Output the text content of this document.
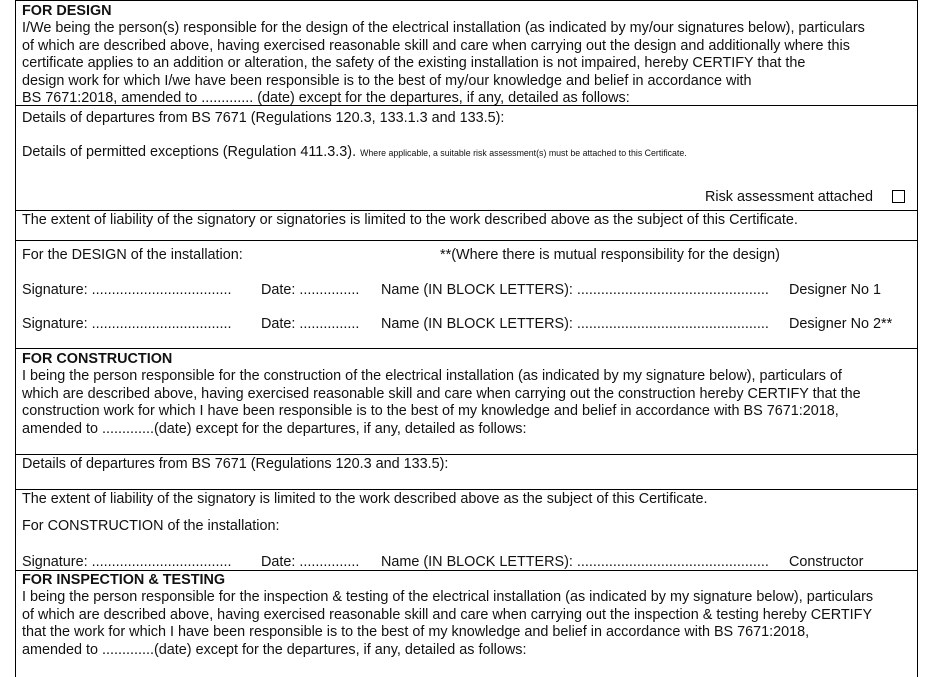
FOR DESIGN
I/We being the person(s) responsible for the design of the electrical installation (as indicated by my/our signatures below), particulars
of which are described above, having exercised reasonable skill and care when carrying out the design and additionally where this
certificate applies to an addition or alteration, the safety of the existing installation is not impaired, hereby CERTIFY that the
design work for which I/we have been responsible is to the best of my/our knowledge and belief in accordance with
BS 7671:2018, amended to ............. (date) except for the departures, if any, detailed as follows:
Details of departures from BS 7671 (Regulations 120.3, 133.1.3 and 133.5):
Details of permitted exceptions (Regulation 411.3.3). Where applicable, a suitable risk assessment(s) must be attached to this Certificate.
Risk assessment attached
The extent of liability of the signatory or signatories is limited to the work described above as the subject of this Certificate.
For the DESIGN of the installation:	**(Where there is mutual responsibility for the design)
Signature: ................................... Date: ............... Name (IN BLOCK LETTERS): ................................................ Designer No 1
Signature: ................................... Date: ............... Name (IN BLOCK LETTERS): ................................................ Designer No 2**
FOR CONSTRUCTION
I being the person responsible for the construction of the electrical installation (as indicated by my signature below), particulars of
which are described above, having exercised reasonable skill and care when carrying out the construction hereby CERTIFY that the
construction work for which I have been responsible is to the best of my knowledge and belief in accordance with BS 7671:2018,
amended to .............(date) except for the departures, if any, detailed as follows:
Details of departures from BS 7671 (Regulations 120.3 and 133.5):
The extent of liability of the signatory is limited to the work described above as the subject of this Certificate.
For CONSTRUCTION of the installation:
Signature: ................................... Date: ............... Name (IN BLOCK LETTERS): ................................................ Constructor
FOR INSPECTION & TESTING
I being the person responsible for the inspection & testing of the electrical installation (as indicated by my signature below), particulars
of which are described above, having exercised reasonable skill and care when carrying out the inspection & testing hereby CERTIFY
that the work for which I have been responsible is to the best of my knowledge and belief in accordance with BS 7671:2018,
amended to .............(date) except for the departures, if any, detailed as follows:
